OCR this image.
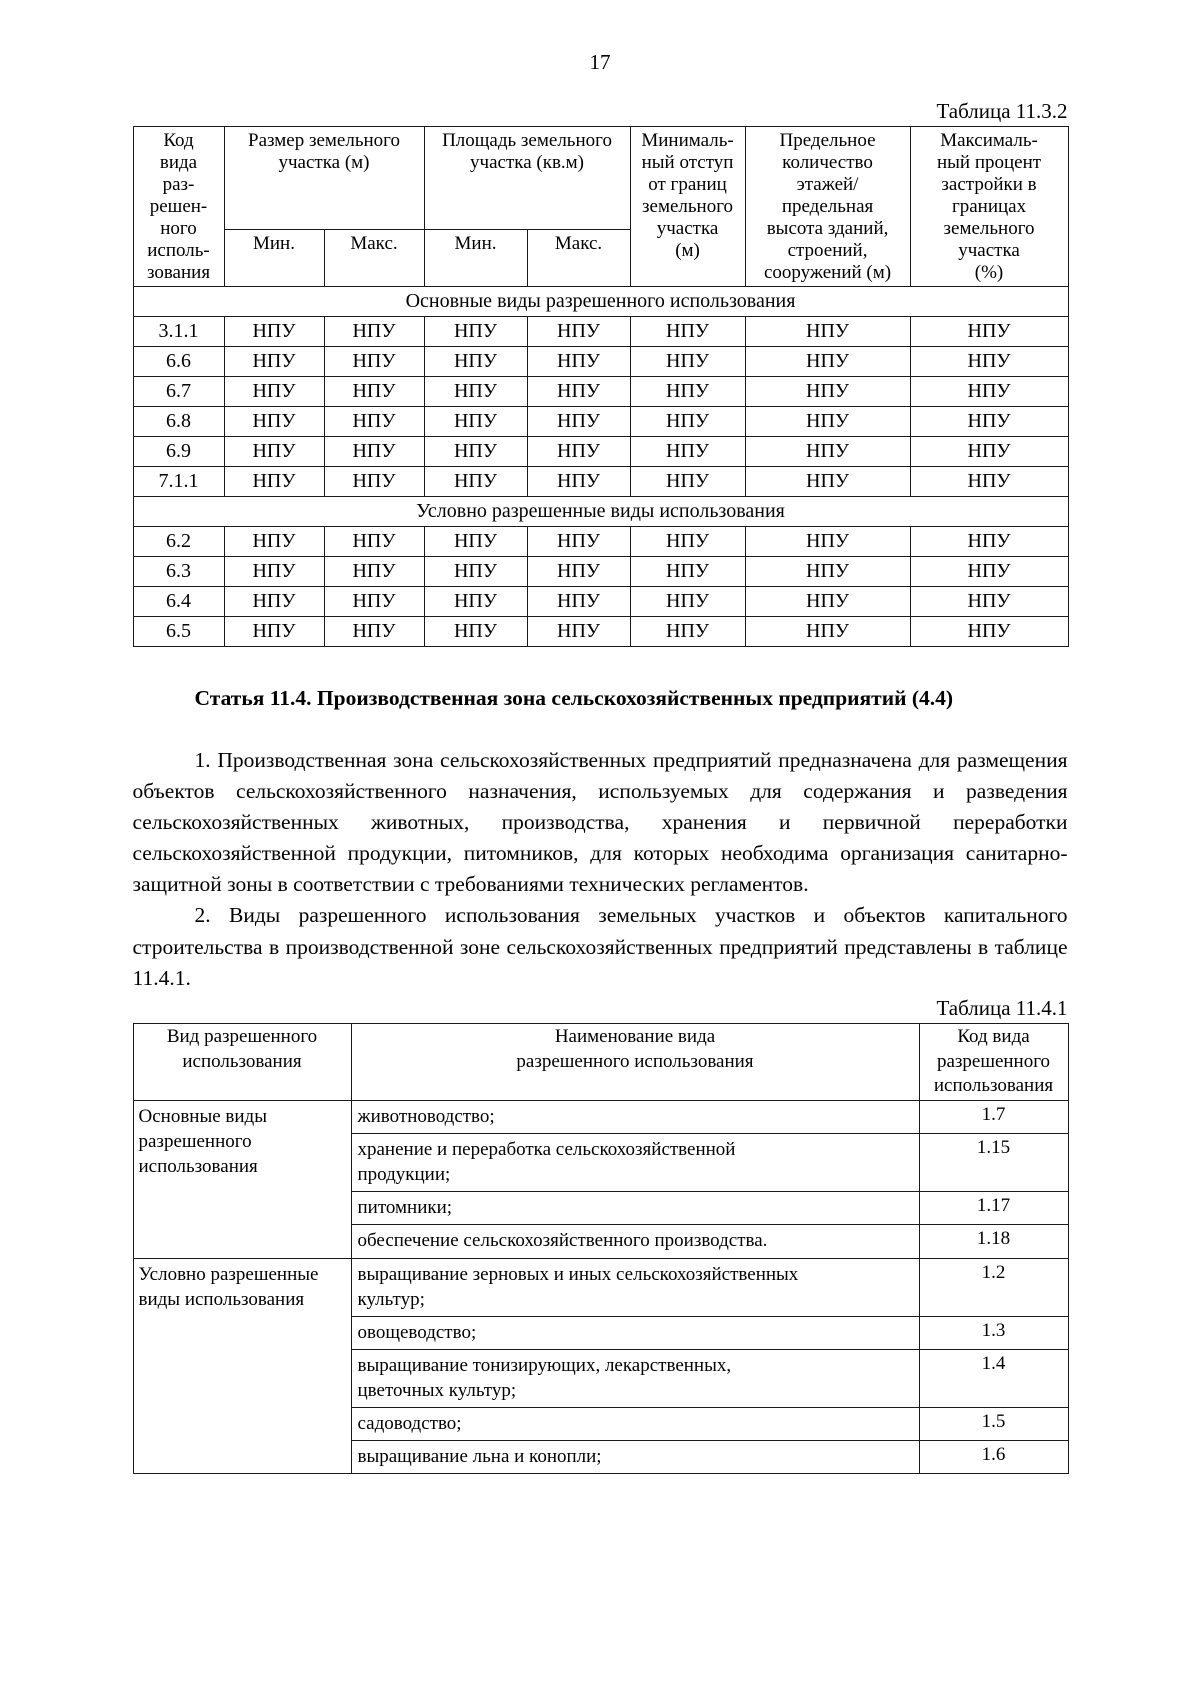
17
Таблица 11.3.2
Код
вида
раз-
решен-
ного
исполь-
зования	Размер земельного участка (м)	Площадь земельного участка (кв.м)	Минималь-
ный отступ
от границ
земельного
участка
(м)	Предельное
количество
этажей/
предельная
высота зданий,
строений,
сооружений (м)	Максималь-
ный процент
застройки в
границах
земельного
участка
(%)
	Мин.	Макс.	Мин.	Макс.			
Основные виды разрешенного использования							
3.1.1	НПУ	НПУ	НПУ	НПУ	НПУ	НПУ	НПУ
6.6	НПУ	НПУ	НПУ	НПУ	НПУ	НПУ	НПУ
6.7	НПУ	НПУ	НПУ	НПУ	НПУ	НПУ	НПУ
6.8	НПУ	НПУ	НПУ	НПУ	НПУ	НПУ	НПУ
6.9	НПУ	НПУ	НПУ	НПУ	НПУ	НПУ	НПУ
7.1.1	НПУ	НПУ	НПУ	НПУ	НПУ	НПУ	НПУ
Условно разрешенные виды использования							
6.2	НПУ	НПУ	НПУ	НПУ	НПУ	НПУ	НПУ
6.3	НПУ	НПУ	НПУ	НПУ	НПУ	НПУ	НПУ
6.4	НПУ	НПУ	НПУ	НПУ	НПУ	НПУ	НПУ
6.5	НПУ	НПУ	НПУ	НПУ	НПУ	НПУ	НПУ
Статья 11.4. Производственная зона сельскохозяйственных предприятий (4.4)

1. Производственная зона сельскохозяйственных предприятий предназначена для размещения объектов сельскохозяйственного назначения, используемых для содержания и разведения сельскохозяйственных животных, производства, хранения и первичной переработки сельскохозяйственной продукции, питомников, для которых необходима организация санитарно-защитной зоны в соответствии с требованиями технических регламентов.

2. Виды разрешенного использования земельных участков и объектов капитального строительства в производственной зоне сельскохозяйственных предприятий представлены в таблице 11.4.1.

Таблица 11.4.1
Вид разрешенного
использования	Наименование вида
разрешенного использования	Код вида
разрешенного
использования
Основные виды
разрешенного
использования	животноводство;	1.7
	хранение и переработка сельскохозяйственной
продукции;	1.15
	питомники;	1.17
	обеспечение сельскохозяйственного производства.	1.18
Условно разрешенные
виды использования	выращивание зерновых и иных сельскохозяйственных
культур;	1.2
	овощеводство;	1.3
	выращивание тонизирующих, лекарственных,
цветочных культур;	1.4
	садоводство;	1.5
	выращивание льна и конопли;	1.6
